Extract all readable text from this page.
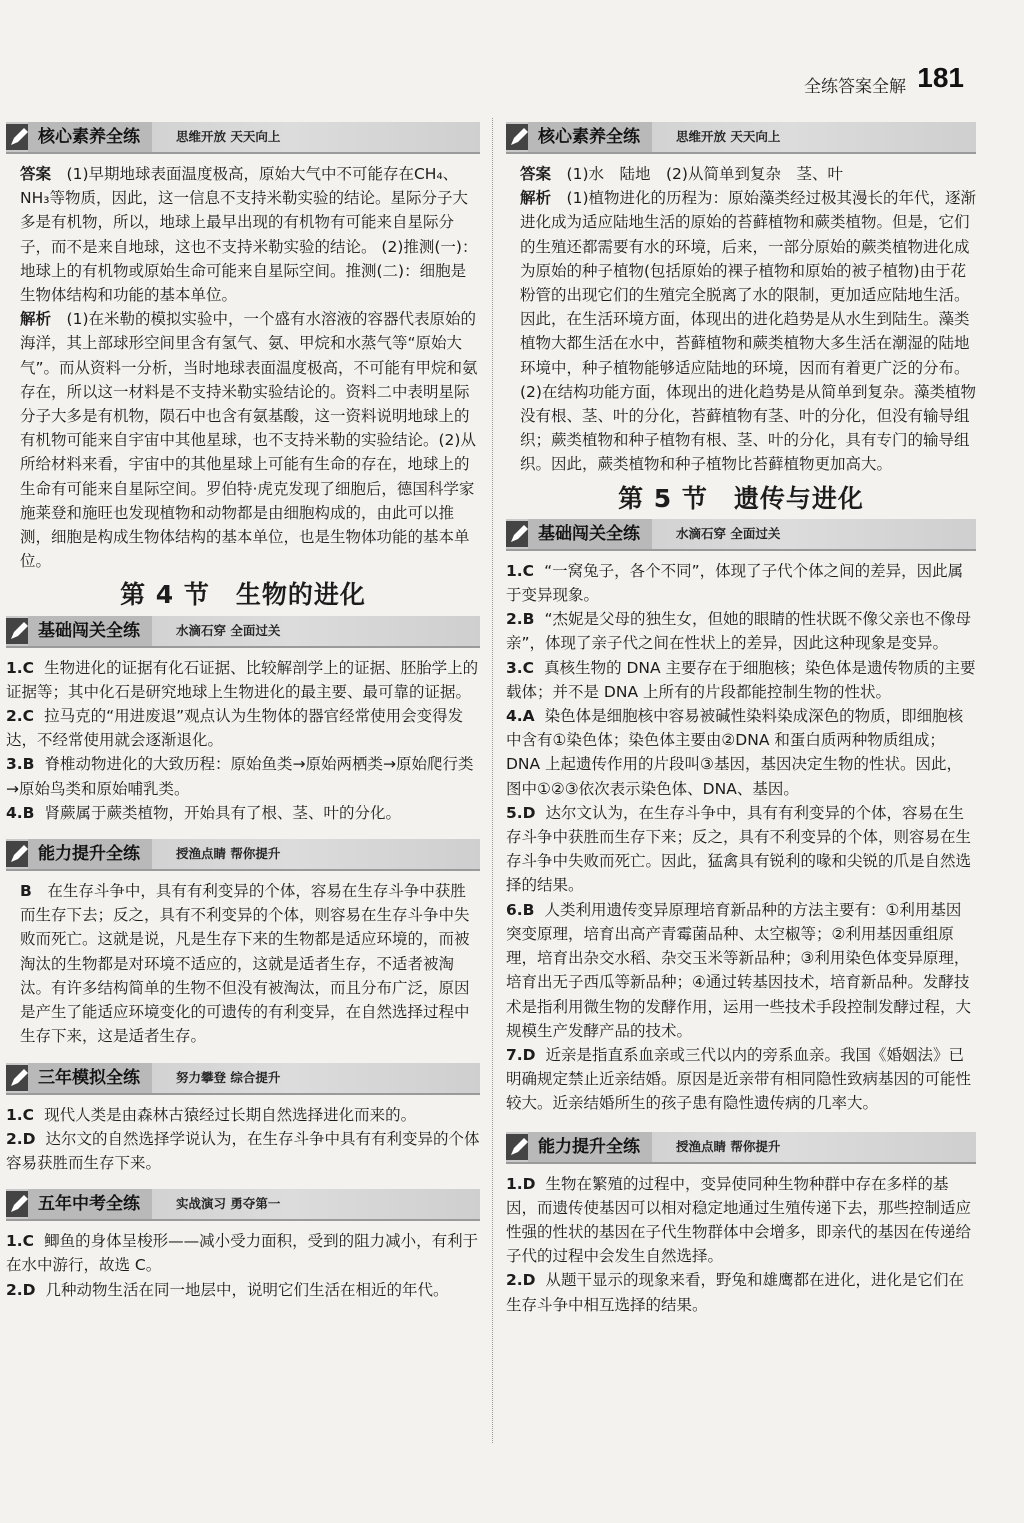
全练答案全解 181
核心素养全练	思维开放 天天向上

答案　 (1)早期地球表面温度极高，原始大气中不可能存在CH₄、NH₃等物质，因此，这一信息不支持米勒实验的结论。星际分子大多是有机物，所以，地球上最早出现的有机物有可能来自星际分子，而不是来自地球，这也不支持米勒实验的结论。 (2)推测(一)：地球上的有机物或原始生命可能来自星际空间。推测(二)：细胞是生物体结构和功能的基本单位。

解析　 (1)在米勒的模拟实验中，一个盛有水溶液的容器代表原始的海洋，其上部球形空间里含有氢气、氨、甲烷和水蒸气等“原始大气”。而从资料一分析，当时地球表面温度极高，不可能有甲烷和氨存在，所以这一材料是不支持米勒实验结论的。资料二中表明星际分子大多是有机物，陨石中也含有氨基酸，这一资料说明地球上的有机物可能来自宇宙中其他星球，也不支持米勒的实验结论。(2)从所给材料来看，宇宙中的其他星球上可能有生命的存在，地球上的生命有可能来自星际空间。罗伯特·虎克发现了细胞后，德国科学家施莱登和施旺也发现植物和动物都是由细胞构成的，由此可以推测，细胞是构成生物体结构的基本单位，也是生物体功能的基本单位。

第 4 节　生物的进化
基础闯关全练	水滴石穿 全面过关

1.C 生物进化的证据有化石证据、比较解剖学上的证据、胚胎学上的证据等；其中化石是研究地球上生物进化的最主要、最可靠的证据。

2.C 拉马克的“用进废退”观点认为生物体的器官经常使用会变得发达，不经常使用就会逐渐退化。

3.B 脊椎动物进化的大致历程：原始鱼类→原始两栖类→原始爬行类→原始鸟类和原始哺乳类。

4.B 肾蕨属于蕨类植物，开始具有了根、茎、叶的分化。

能力提升全练	授渔点睛 帮你提升

B　 在生存斗争中，具有有利变异的个体，容易在生存斗争中获胜而生存下去；反之，具有不利变异的个体，则容易在生存斗争中失败而死亡。这就是说，凡是生存下来的生物都是适应环境的，而被淘汰的生物都是对环境不适应的，这就是适者生存，不适者被淘汰。有许多结构简单的生物不但没有被淘汰，而且分布广泛，原因是产生了能适应环境变化的可遗传的有利变异，在自然选择过程中生存下来，这是适者生存。

三年模拟全练	努力攀登 综合提升

1.C 现代人类是由森林古猿经过长期自然选择进化而来的。

2.D 达尔文的自然选择学说认为，在生存斗争中具有有利变异的个体容易获胜而生存下来。

五年中考全练	实战演习 勇夺第一

1.C 鲫鱼的身体呈梭形——减小受力面积，受到的阻力减小，有利于在水中游行，故选 C。

2.D 几种动物生活在同一地层中，说明它们生活在相近的年代。

核心素养全练	思维开放 天天向上

答案　 (1)水　陆地　(2)从简单到复杂　茎、叶

解析　 (1)植物进化的历程为：原始藻类经过极其漫长的年代，逐渐进化成为适应陆地生活的原始的苔藓植物和蕨类植物。但是，它们的生殖还都需要有水的环境，后来，一部分原始的蕨类植物进化成为原始的种子植物(包括原始的裸子植物和原始的被子植物)由于花粉管的出现它们的生殖完全脱离了水的限制，更加适应陆地生活。因此，在生活环境方面，体现出的进化趋势是从水生到陆生。藻类植物大都生活在水中，苔藓植物和蕨类植物大多生活在潮湿的陆地环境中，种子植物能够适应陆地的环境，因而有着更广泛的分布。(2)在结构功能方面，体现出的进化趋势是从简单到复杂。藻类植物没有根、茎、叶的分化，苔藓植物有茎、叶的分化，但没有输导组织；蕨类植物和种子植物有根、茎、叶的分化，具有专门的输导组织。因此，蕨类植物和种子植物比苔藓植物更加高大。

第 5 节　遗传与进化
基础闯关全练	水滴石穿 全面过关

1.C “一窝兔子，各个不同”，体现了子代个体之间的差异，因此属于变异现象。

2.B “杰妮是父母的独生女，但她的眼睛的性状既不像父亲也不像母亲”，体现了亲子代之间在性状上的差异，因此这种现象是变异。

3.C 真核生物的 DNA 主要存在于细胞核；染色体是遗传物质的主要载体；并不是 DNA 上所有的片段都能控制生物的性状。

4.A 染色体是细胞核中容易被碱性染料染成深色的物质，即细胞核中含有①染色体；染色体主要由②DNA 和蛋白质两种物质组成；DNA 上起遗传作用的片段叫③基因，基因决定生物的性状。因此，图中①②③依次表示染色体、DNA、基因。

5.D 达尔文认为，在生存斗争中，具有有利变异的个体，容易在生存斗争中获胜而生存下来；反之，具有不利变异的个体，则容易在生存斗争中失败而死亡。因此，猛禽具有锐利的喙和尖锐的爪是自然选择的结果。

6.B 人类利用遗传变异原理培育新品种的方法主要有：①利用基因突变原理，培育出高产青霉菌品种、太空椒等；②利用基因重组原理，培育出杂交水稻、杂交玉米等新品种；③利用染色体变异原理，培育出无子西瓜等新品种；④通过转基因技术，培育新品种。发酵技术是指利用微生物的发酵作用，运用一些技术手段控制发酵过程，大规模生产发酵产品的技术。

7.D 近亲是指直系血亲或三代以内的旁系血亲。我国《婚姻法》已明确规定禁止近亲结婚。原因是近亲带有相同隐性致病基因的可能性较大。近亲结婚所生的孩子患有隐性遗传病的几率大。

能力提升全练	授渔点睛 帮你提升

1.D 生物在繁殖的过程中，变异使同种生物种群中存在多样的基因，而遗传使基因可以相对稳定地通过生殖传递下去，那些控制适应性强的性状的基因在子代生物群体中会增多，即亲代的基因在传递给子代的过程中会发生自然选择。

2.D 从题干显示的现象来看，野兔和雄鹰都在进化，进化是它们在生存斗争中相互选择的结果。
